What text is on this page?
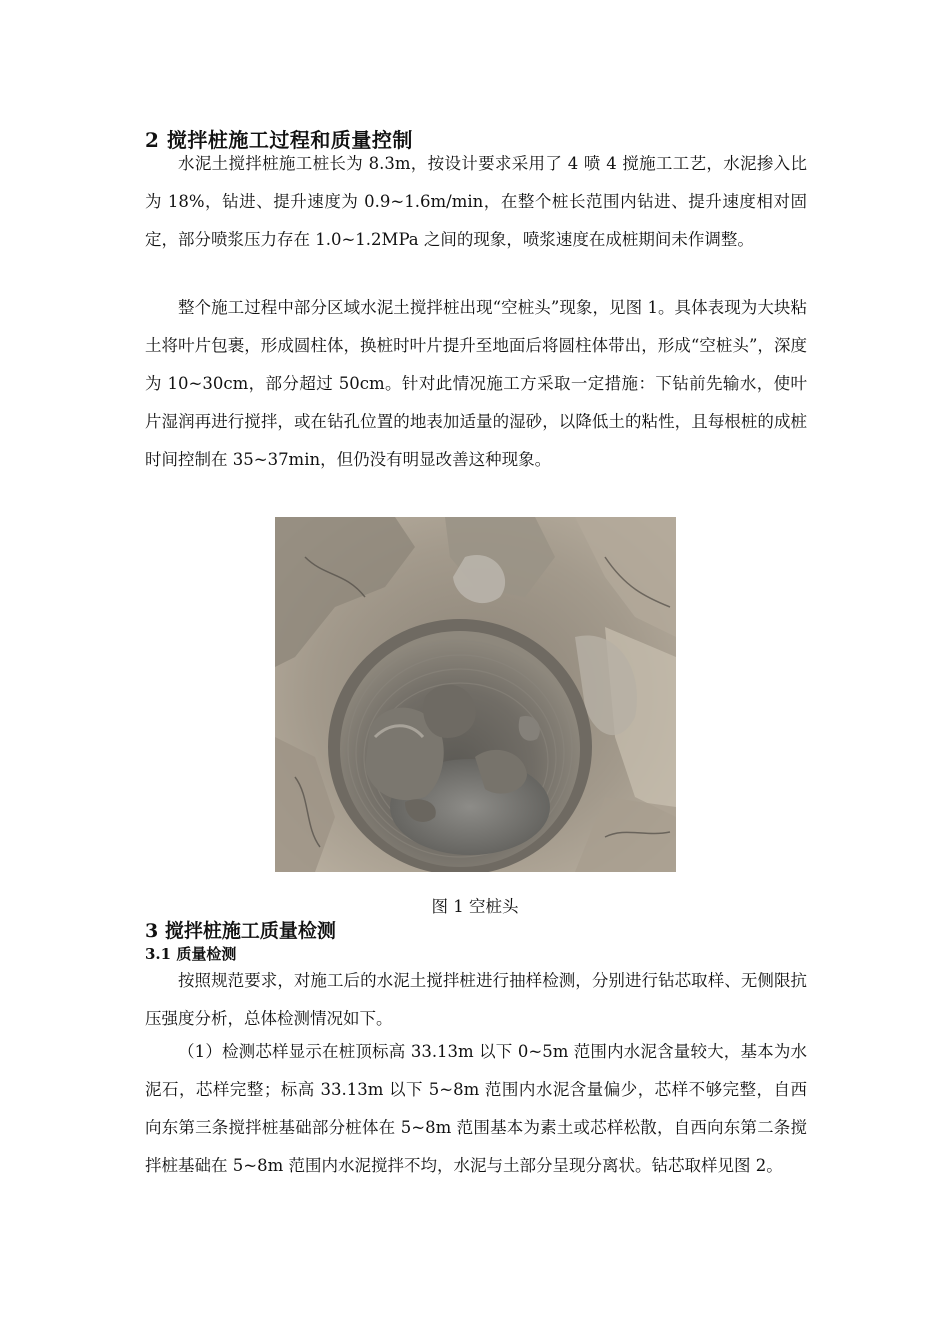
2 搅拌桩施工过程和质量控制

水泥土搅拌桩施工桩长为 8.3m，按设计要求采用了 4 喷 4 搅施工工艺，水泥掺入比为 18%，钻进、提升速度为 0.9~1.6m/min，在整个桩长范围内钻进、提升速度相对固定，部分喷浆压力存在 1.0~1.2MPa 之间的现象，喷浆速度在成桩期间未作调整。

整个施工过程中部分区域水泥土搅拌桩出现“空桩头”现象，见图 1。具体表现为大块粘土将叶片包裹，形成圆柱体，换桩时叶片提升至地面后将圆柱体带出，形成“空桩头”，深度为 10~30cm，部分超过 50cm。针对此情况施工方采取一定措施：下钻前先输水，使叶片湿润再进行搅拌，或在钻孔位置的地表加适量的湿砂，以降低土的粘性，且每根桩的成桩时间控制在 35~37min，但仍没有明显改善这种现象。

图 1 空桩头
3 搅拌桩施工质量检测
3.1 质量检测

按照规范要求，对施工后的水泥土搅拌桩进行抽样检测，分别进行钻芯取样、无侧限抗压强度分析，总体检测情况如下。

（1）检测芯样显示在桩顶标高 33.13m 以下 0~5m 范围内水泥含量较大，基本为水泥石，芯样完整；标高 33.13m 以下 5~8m 范围内水泥含量偏少，芯样不够完整，自西向东第三条搅拌桩基础部分桩体在 5~8m 范围基本为素土或芯样松散，自西向东第二条搅拌桩基础在 5~8m 范围内水泥搅拌不均，水泥与土部分呈现分离状。钻芯取样见图 2。
